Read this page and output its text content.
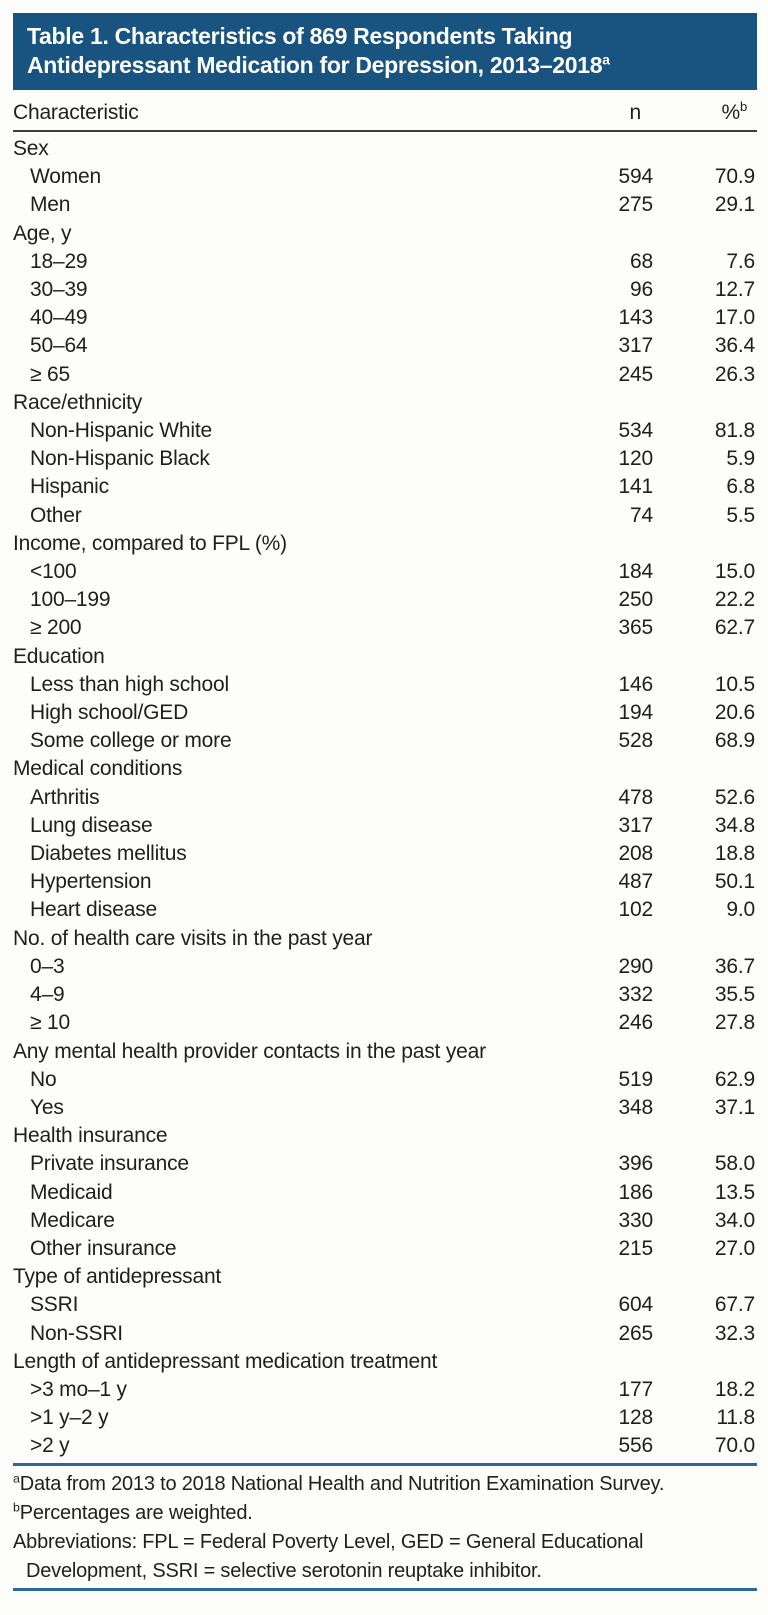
Table 1. Characteristics of 869 Respondents Taking
Antidepressant Medication for Depression, 2013–2018$^a$
Characteristic	n	%$^b$
Sex
Women	594	70.9
Men	275	29.1
Age, y
18–29	68	7.6
30–39	96	12.7
40–49	143	17.0
50–64	317	36.4
≥ 65	245	26.3
Race/ethnicity
Non-Hispanic White	534	81.8
Non-Hispanic Black	120	5.9
Hispanic	141	6.8
Other	74	5.5
Income, compared to FPL (%)
<100	184	15.0
100–199	250	22.2
≥ 200	365	62.7
Education
Less than high school	146	10.5
High school/GED	194	20.6
Some college or more	528	68.9
Medical conditions
Arthritis	478	52.6
Lung disease	317	34.8
Diabetes mellitus	208	18.8
Hypertension	487	50.1
Heart disease	102	9.0
No. of health care visits in the past year
0–3	290	36.7
4–9	332	35.5
≥ 10	246	27.8
Any mental health provider contacts in the past year
No	519	62.9
Yes	348	37.1
Health insurance
Private insurance	396	58.0
Medicaid	186	13.5
Medicare	330	34.0
Other insurance	215	27.0
Type of antidepressant
SSRI	604	67.7
Non-SSRI	265	32.3
Length of antidepressant medication treatment
>3 mo–1 y	177	18.2
>1 y–2 y	128	11.8
>2 y	556	70.0
$^a$Data from 2013 to 2018 National Health and Nutrition Examination Survey.
$^b$Percentages are weighted.
Abbreviations: FPL = Federal Poverty Level, GED = General Educational
Development, SSRI = selective serotonin reuptake inhibitor.
